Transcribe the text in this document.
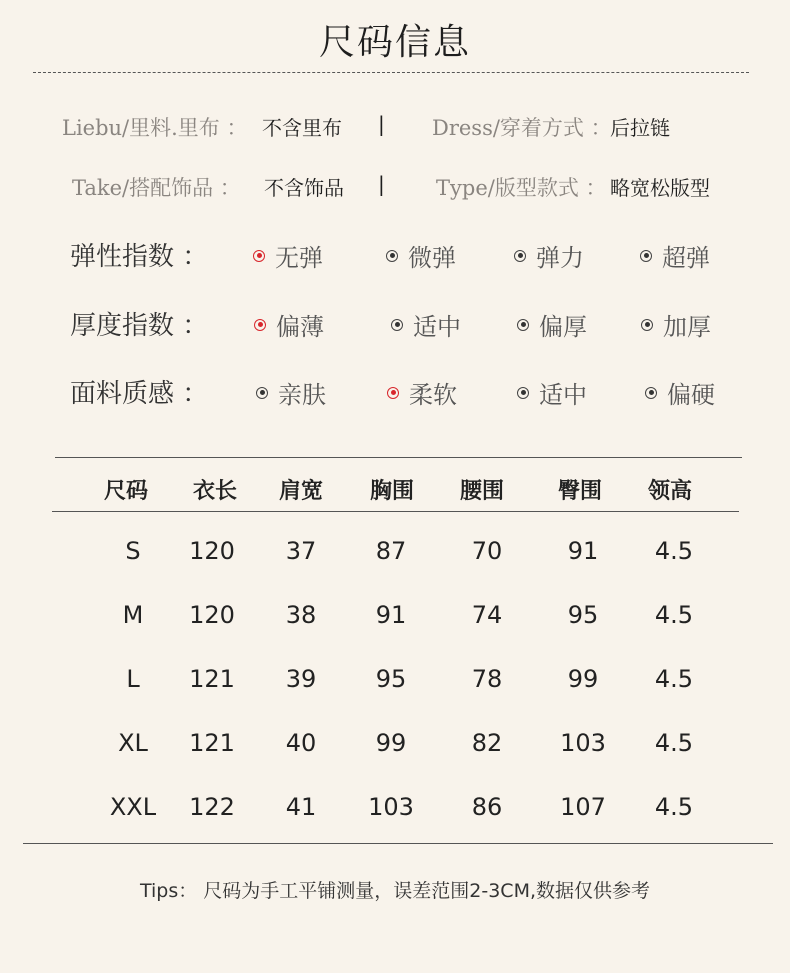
尺码信息
Liebu/里料.里布 ： 不含里布 | Dress/穿着方式 ：
后拉链
Take/搭配饰品 ： 不含饰品 | Type/版型款式 ： 略宽松版型
弹性指数 ：	无弹	微弹	弹力	超弹
厚度指数 ：	偏薄	适中	偏厚	加厚
面料质感 ：	亲肤	柔软	适中	偏硬
尺码	衣长	肩宽	胸围	腰围	臀围	领高
S	120	37	87	70	91	4.5
M	120	38	91	74	95	4.5
L	121	39	95	78	99	4.5
XL	121	40	99	82	103	4.5
XXL	122	41	103	86	107	4.5
Tips： 尺码为手工平铺测量，误差范围2-3CM,数据仅供参考
